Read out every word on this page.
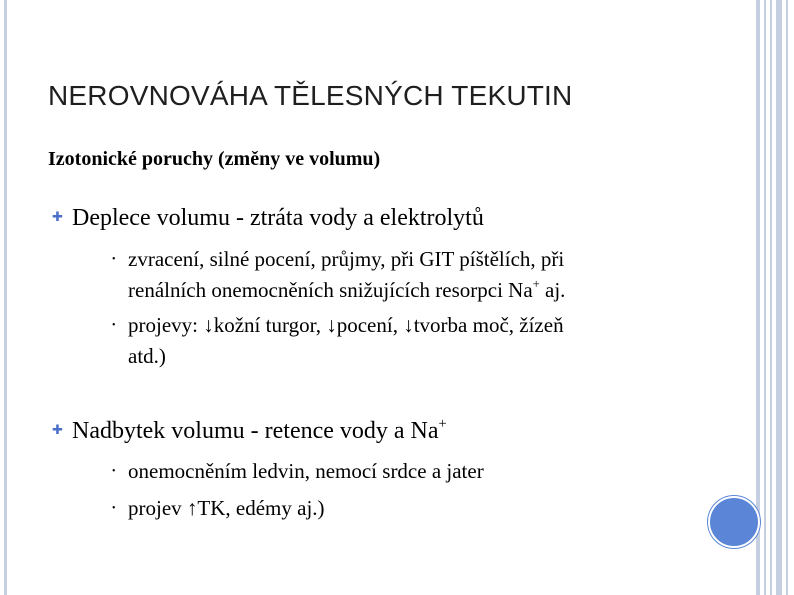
NEROVNOVÁHA TĚLESNÝCH TEKUTIN
Izotonické poruchy (změny ve volumu)
✚ Deplece volumu - ztráta vody a elektrolytů
• zvracení, silné pocení, průjmy, při GIT píštělích, při
renálních onemocněních snižujících resorpci Na+ aj.
• projevy: ↓kožní turgor, ↓pocení, ↓tvorba moč, žízeň
atd.)
✚ Nadbytek volumu - retence vody a Na+
• onemocněním ledvin, nemocí srdce a jater
• projev ↑TK, edémy aj.)
